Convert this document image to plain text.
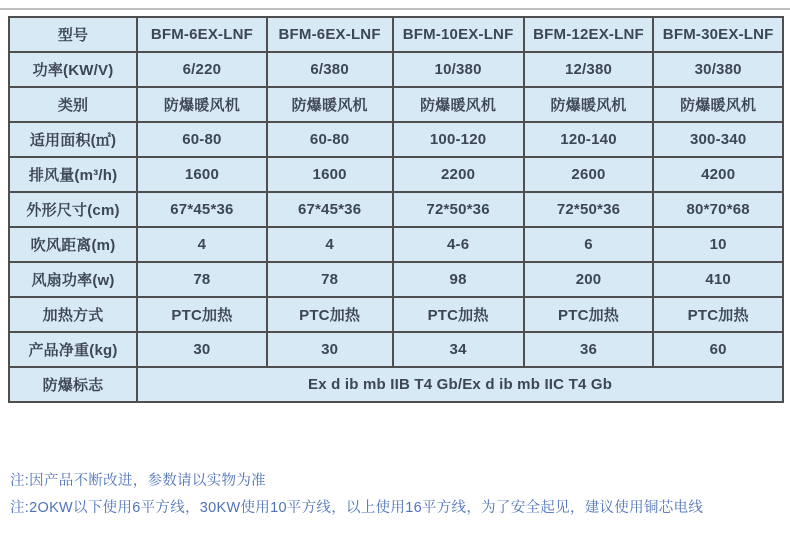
型号	BFM-6EX-LNF	BFM-6EX-LNF	BFM-10EX-LNF	BFM-12EX-LNF	BFM-30EX-LNF
功率(KW/V)	6/220	6/380	10/380	12/380	30/380
类别	防爆暖风机	防爆暖风机	防爆暖风机	防爆暖风机	防爆暖风机
适用面积(㎡)	60-80	60-80	100-120	120-140	300-340
排风量(m³/h)	1600	1600	2200	2600	4200
外形尺寸(cm)	67*45*36	67*45*36	72*50*36	72*50*36	80*70*68
吹风距离(m)	4	4	4-6	6	10
风扇功率(w)	78	78	98	200	410
加热方式	PTC加热	PTC加热	PTC加热	PTC加热	PTC加热
产品净重(kg)	30	30	34	36	60
防爆标志	Ex d ib mb IIB T4 Gb/Ex d ib mb IIC T4 Gb				
注:因产品不断改进，参数请以实物为准
注:2OKW以下使用6平方线，30KW使用10平方线，以上使用16平方线，为了安全起见，建议使用铜芯电线
